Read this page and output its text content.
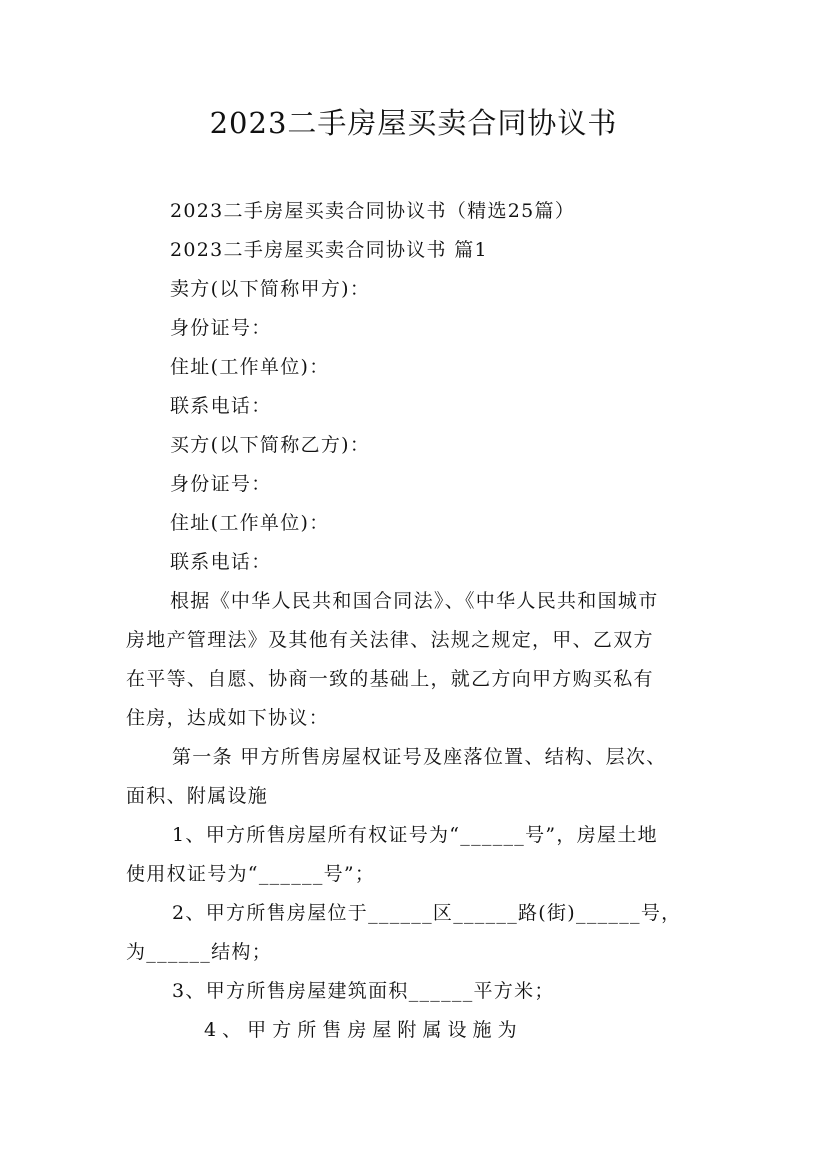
2023二手房屋买卖合同协议书
2023二手房屋买卖合同协议书（精选25篇）
2023二手房屋买卖合同协议书 篇1
卖方(以下简称甲方)：
身份证号：
住址(工作单位)：
联系电话：
买方(以下简称乙方)：
身份证号：
住址(工作单位)：
联系电话：
根据《中华人民共和国合同法》、《中华人民共和国城市
房地产管理法》及其他有关法律、法规之规定，甲、乙双方
在平等、自愿、协商一致的基础上，就乙方向甲方购买私有
住房，达成如下协议：
第一条 甲方所售房屋权证号及座落位置、结构、层次、
面积、附属设施
1、甲方所售房屋所有权证号为“______号”，房屋土地
使用权证号为“______号”；
2、甲方所售房屋位于______区______路(街)______号，
为______结构；
3、甲方所售房屋建筑面积______平方米；
4 、 甲 方 所 售 房 屋 附 属 设 施 为
